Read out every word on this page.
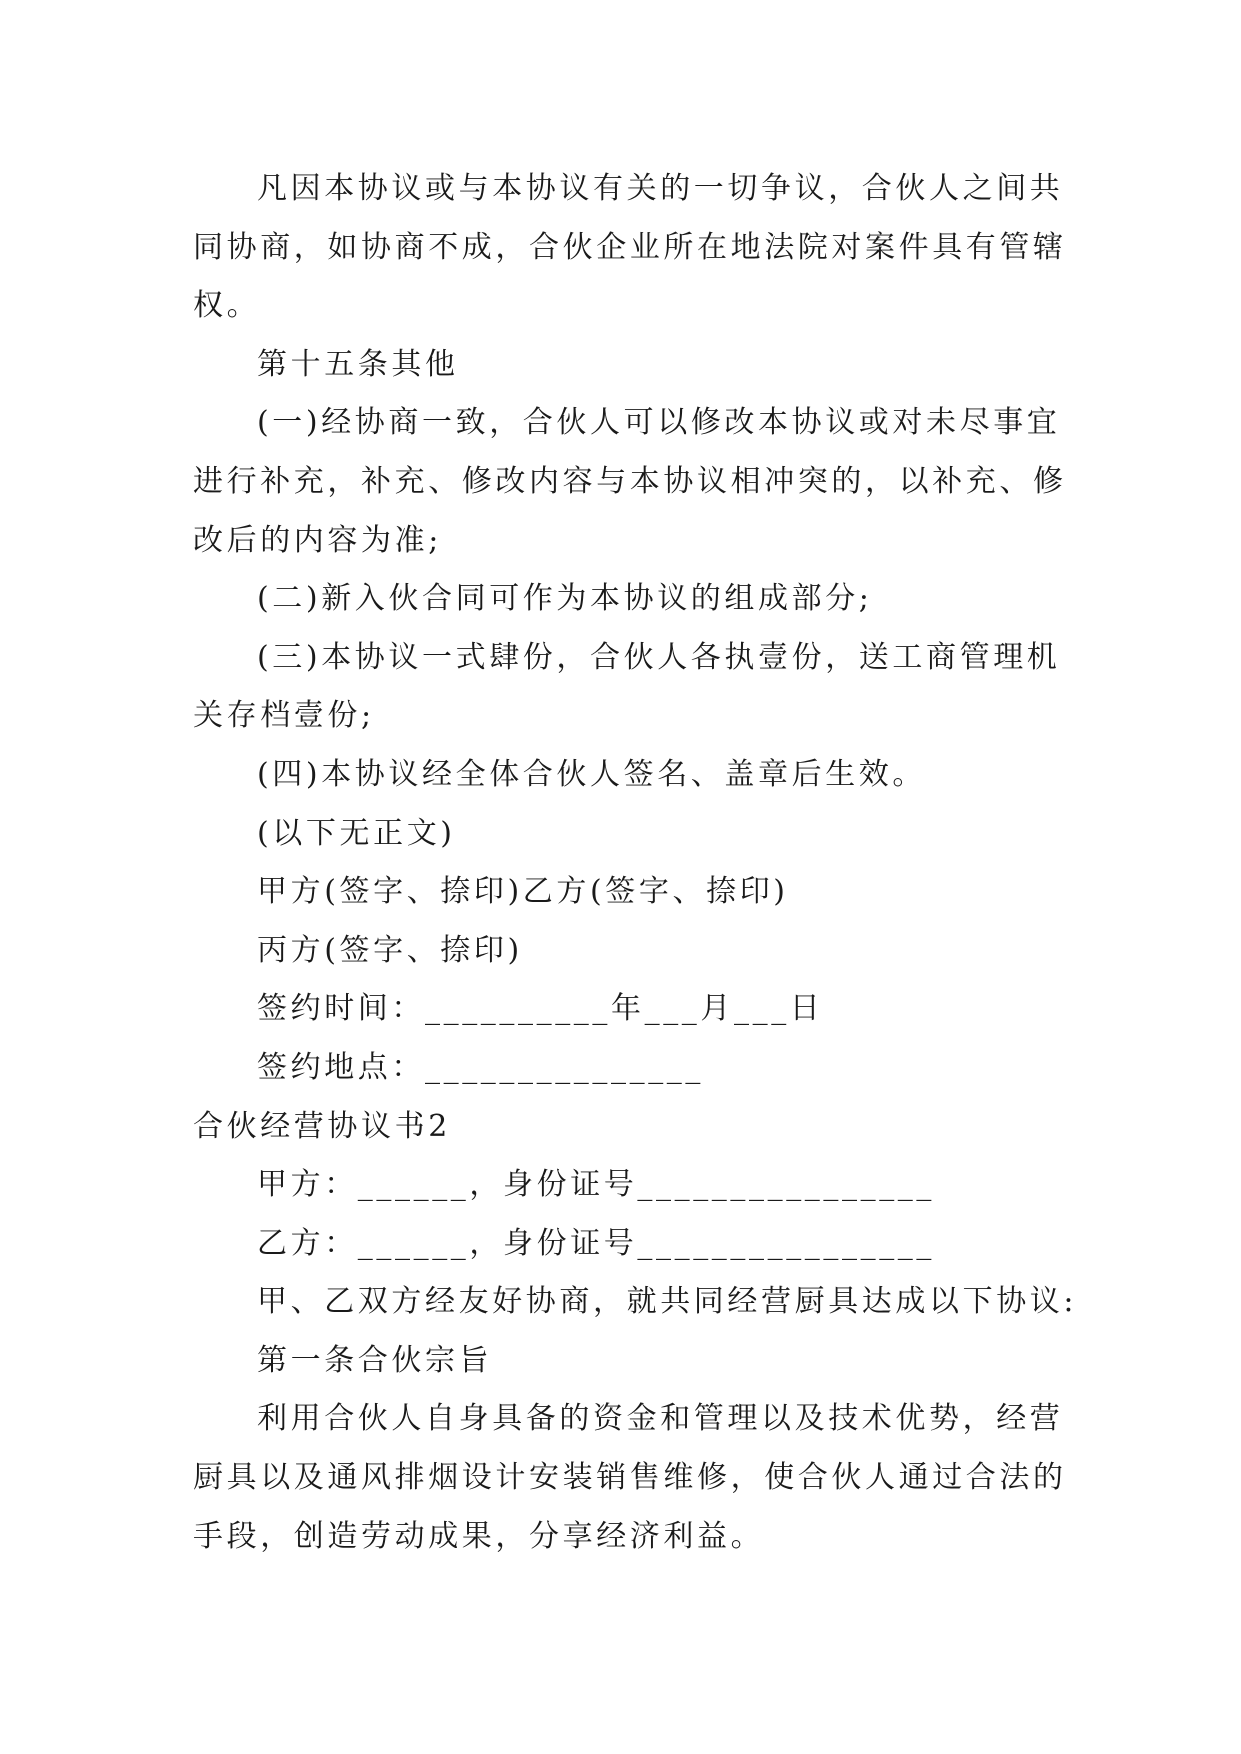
凡因本协议或与本协议有关的一切争议，合伙人之间共
同协商，如协商不成，合伙企业所在地法院对案件具有管辖
权。
第十五条其他
(一)经协商一致，合伙人可以修改本协议或对未尽事宜
进行补充，补充、修改内容与本协议相冲突的，以补充、修
改后的内容为准;
(二)新入伙合同可作为本协议的组成部分;
(三)本协议一式肆份，合伙人各执壹份，送工商管理机
关存档壹份;
(四)本协议经全体合伙人签名、盖章后生效。
(以下无正文)
甲方(签字、捺印)乙方(签字、捺印)
丙方(签字、捺印)
签约时间：__________年___月___日
签约地点：_______________
合伙经营协议书2
甲方：______，身份证号________________
乙方：______，身份证号________________
甲、乙双方经友好协商，就共同经营厨具达成以下协议:
第一条合伙宗旨
利用合伙人自身具备的资金和管理以及技术优势，经营
厨具以及通风排烟设计安装销售维修，使合伙人通过合法的
手段，创造劳动成果，分享经济利益。
